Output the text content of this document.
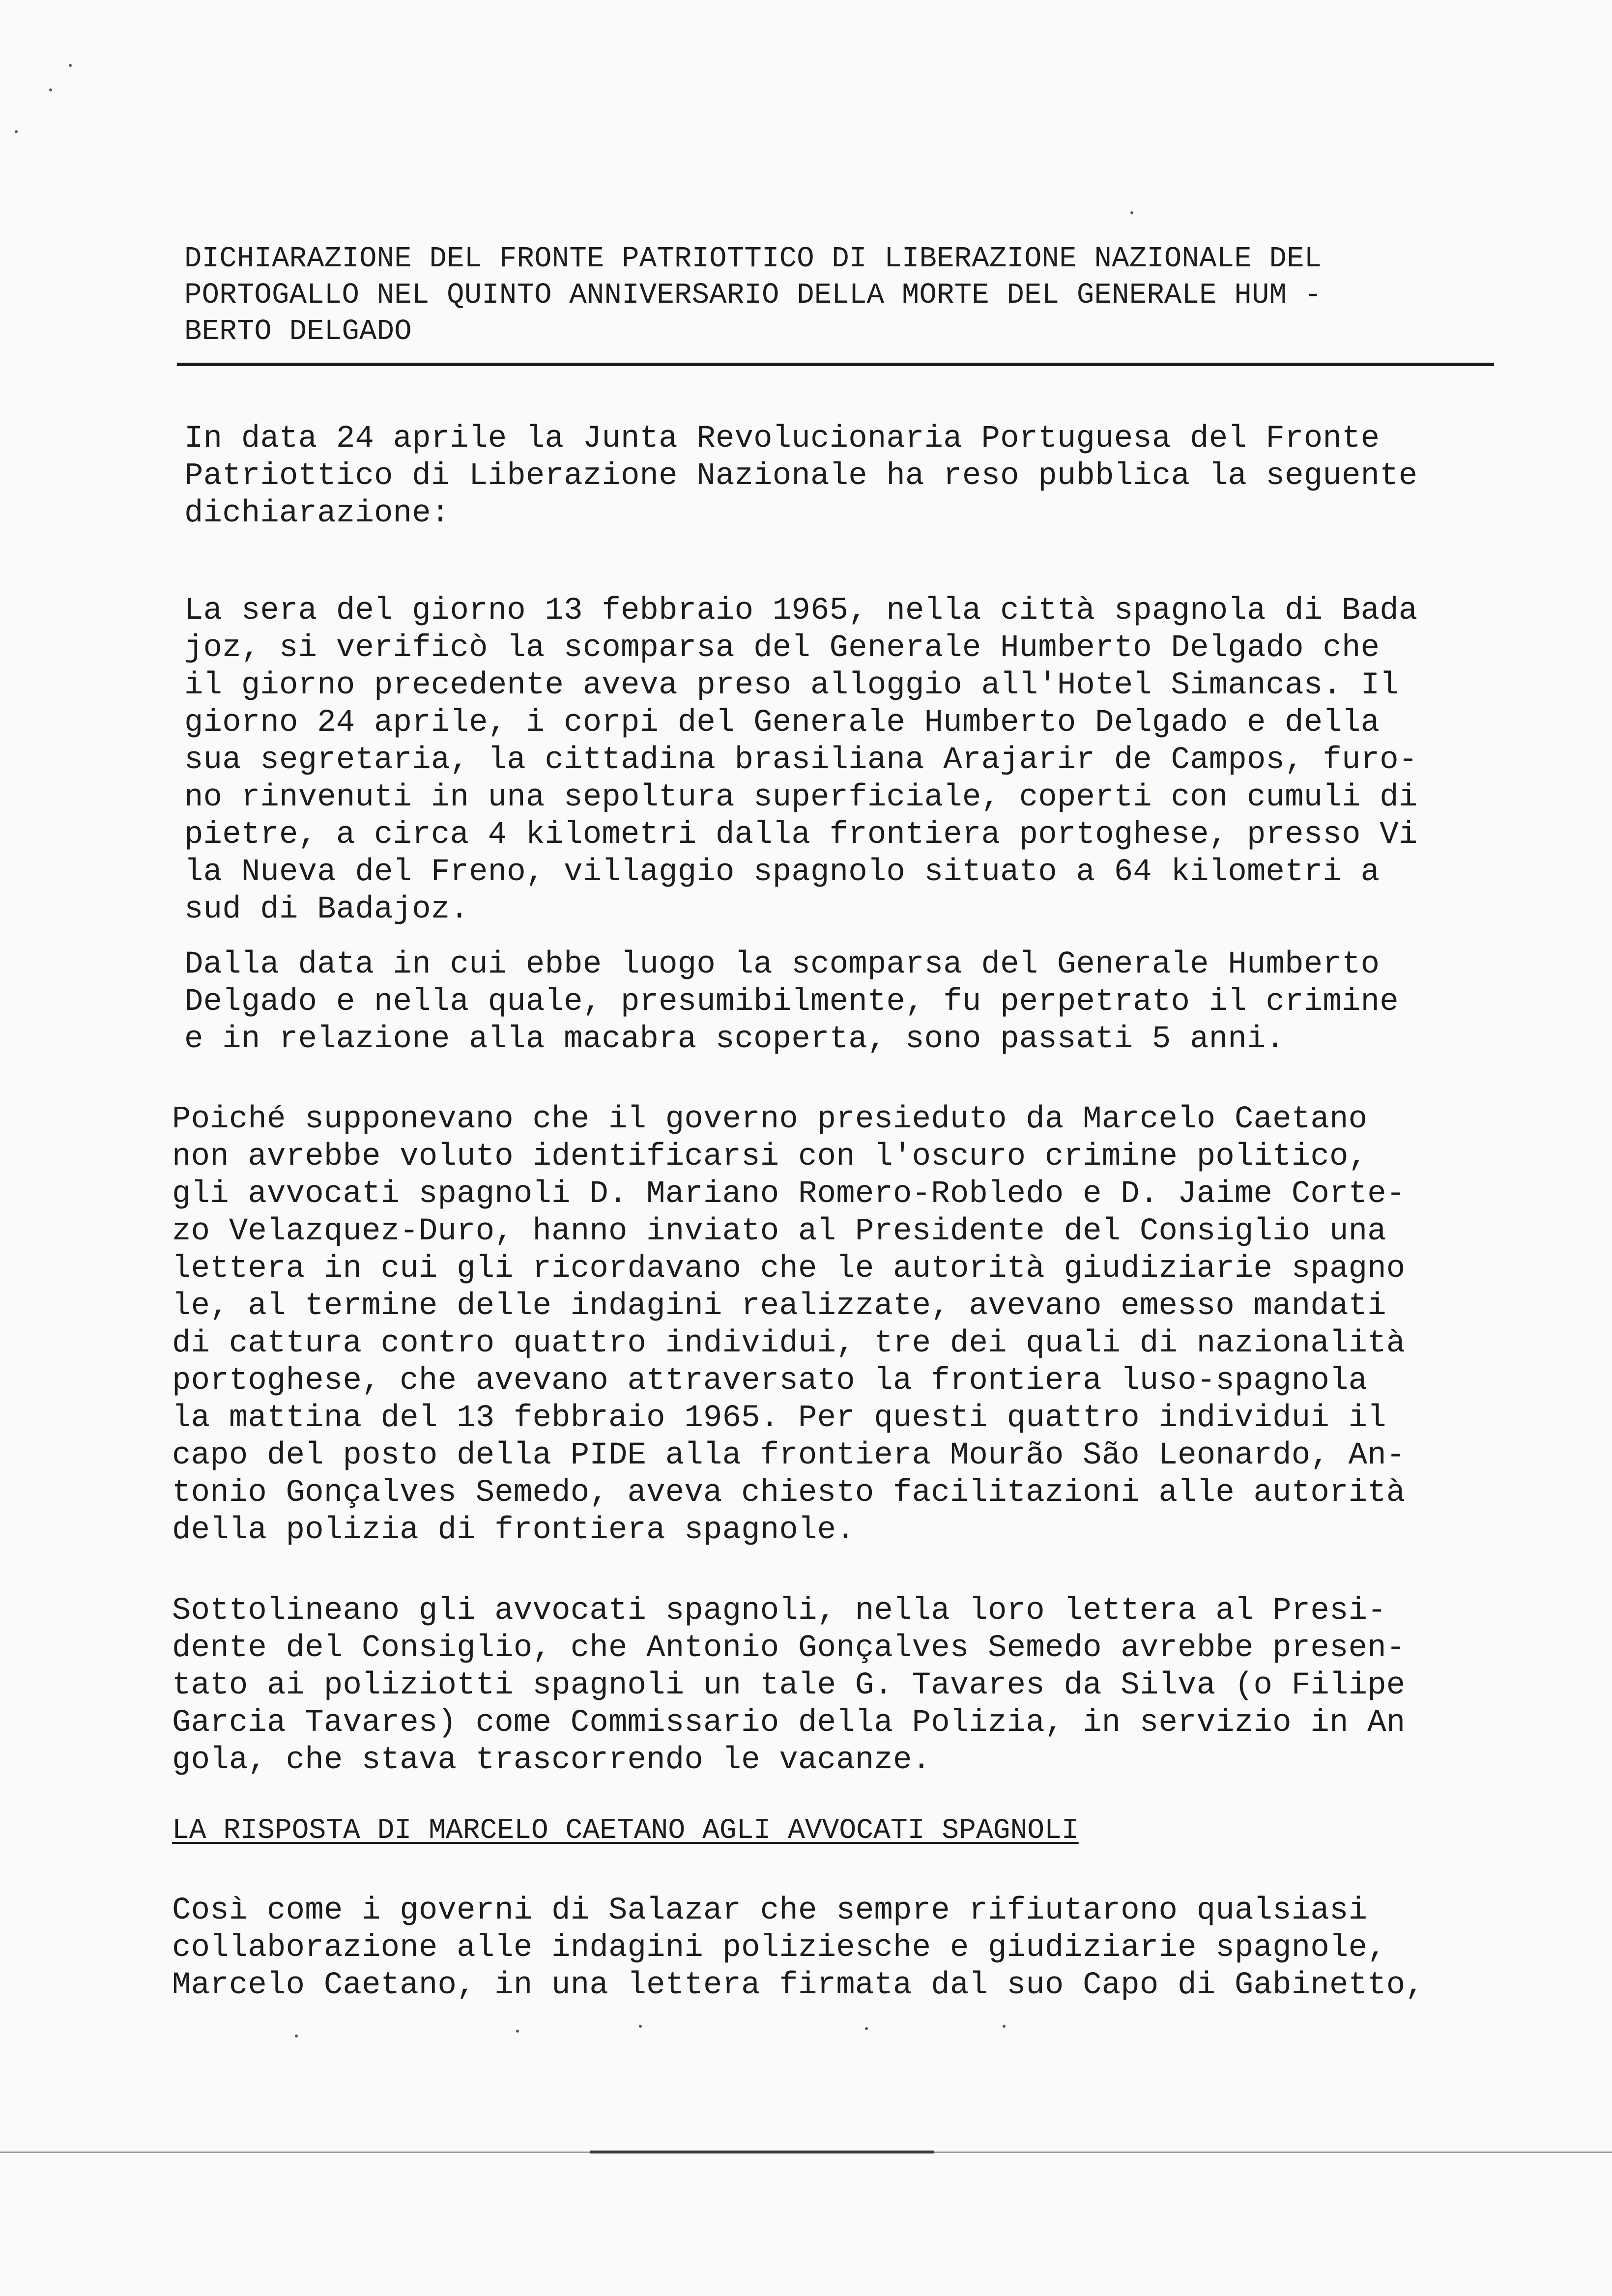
DICHIARAZIONE DEL FRONTE PATRIOTTICO DI LIBERAZIONE NAZIONALE DEL
PORTOGALLO NEL QUINTO ANNIVERSARIO DELLA MORTE DEL GENERALE HUM -
BERTO DELGADO

In data 24 aprile la Junta Revolucionaria Portuguesa del Fronte
Patriottico di Liberazione Nazionale ha reso pubblica la seguente
dichiarazione:

La sera del giorno 13 febbraio 1965, nella città spagnola di Bada
joz, si verificò la scomparsa del Generale Humberto Delgado che
il giorno precedente aveva preso alloggio all'Hotel Simancas. Il
giorno 24 aprile, i corpi del Generale Humberto Delgado e della
sua segretaria, la cittadina brasiliana Arajarir de Campos, furo-
no rinvenuti in una sepoltura superficiale, coperti con cumuli di
pietre, a circa 4 kilometri dalla frontiera portoghese, presso Vi
la Nueva del Freno, villaggio spagnolo situato a 64 kilometri a
sud di Badajoz.

Dalla data in cui ebbe luogo la scomparsa del Generale Humberto
Delgado e nella quale, presumibilmente, fu perpetrato il crimine
e in relazione alla macabra scoperta, sono passati 5 anni.

Poiché supponevano che il governo presieduto da Marcelo Caetano
non avrebbe voluto identificarsi con l'oscuro crimine politico,
gli avvocati spagnoli D. Mariano Romero-Robledo e D. Jaime Corte-
zo Velazquez-Duro, hanno inviato al Presidente del Consiglio una
lettera in cui gli ricordavano che le autorità giudiziarie spagno
le, al termine delle indagini realizzate, avevano emesso mandati
di cattura contro quattro individui, tre dei quali di nazionalità
portoghese, che avevano attraversato la frontiera luso-spagnola
la mattina del 13 febbraio 1965. Per questi quattro individui il
capo del posto della PIDE alla frontiera Mourão São Leonardo, An-
tonio Gonçalves Semedo, aveva chiesto facilitazioni alle autorità
della polizia di frontiera spagnole.

Sottolineano gli avvocati spagnoli, nella loro lettera al Presi-
dente del Consiglio, che Antonio Gonçalves Semedo avrebbe presen-
tato ai poliziotti spagnoli un tale G. Tavares da Silva (o Filipe
Garcia Tavares) come Commissario della Polizia, in servizio in An
gola, che stava trascorrendo le vacanze.

LA RISPOSTA DI MARCELO CAETANO AGLI AVVOCATI SPAGNOLI

Così come i governi di Salazar che sempre rifiutarono qualsiasi
collaborazione alle indagini poliziesche e giudiziarie spagnole,
Marcelo Caetano, in una lettera firmata dal suo Capo di Gabinetto,
